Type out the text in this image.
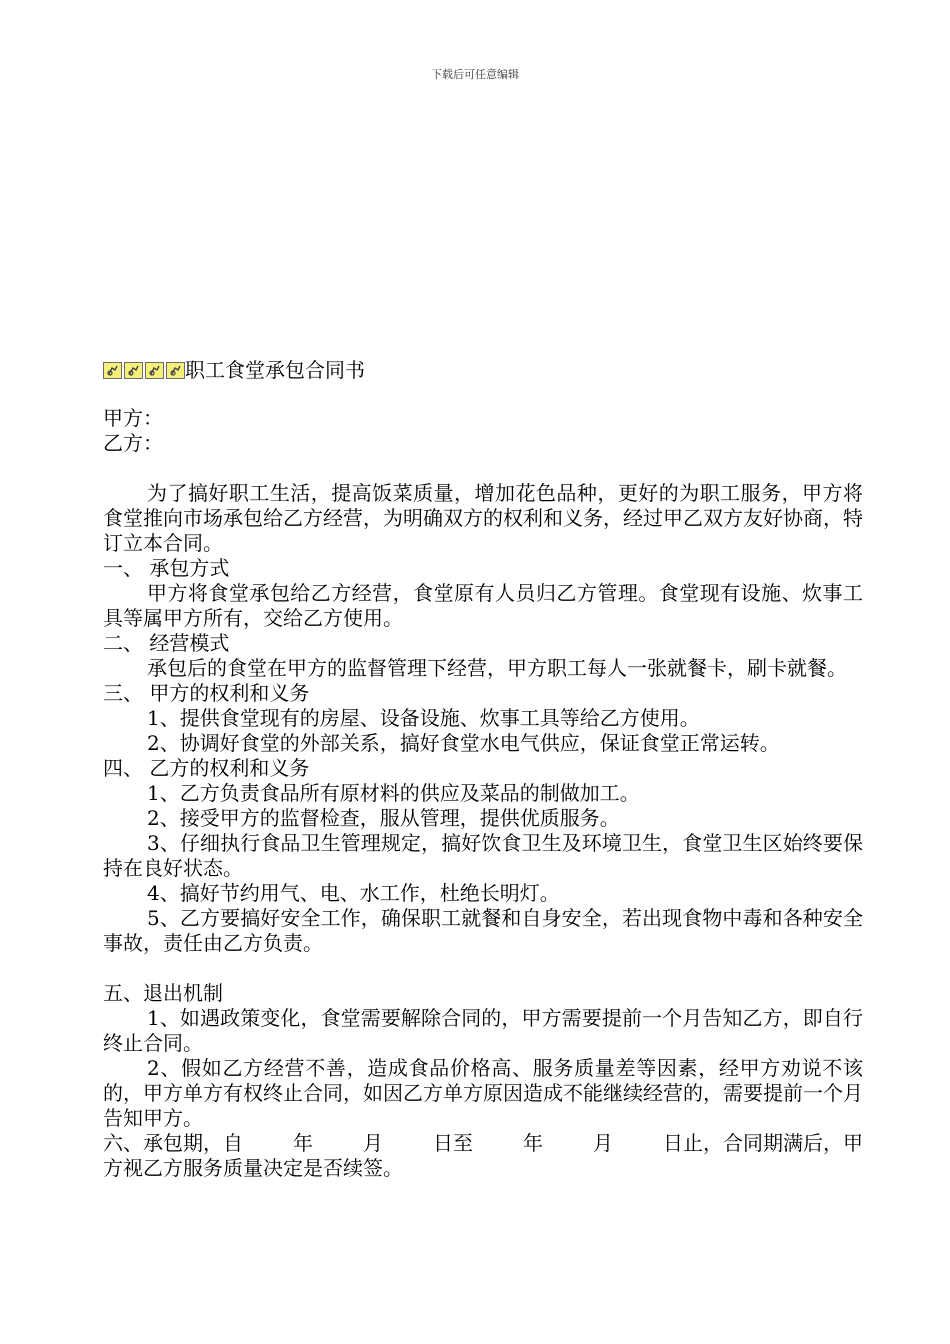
下载后可任意编辑
职工食堂承包合同书
甲方：
乙方：
为了搞好职工生活，提高饭菜质量，增加花色品种，更好的为职工服务，甲方将食堂推向市场承包给乙方经营，为明确双方的权利和义务，经过甲乙双方友好协商，特订立本合同。
一、 承包方式
甲方将食堂承包给乙方经营，食堂原有人员归乙方管理。食堂现有设施、炊事工具等属甲方所有，交给乙方使用。
二、 经营模式
承包后的食堂在甲方的监督管理下经营，甲方职工每人一张就餐卡，刷卡就餐。
三、 甲方的权利和义务
1、提供食堂现有的房屋、设备设施、炊事工具等给乙方使用。
2、协调好食堂的外部关系，搞好食堂水电气供应，保证食堂正常运转。
四、 乙方的权利和义务
1、乙方负责食品所有原材料的供应及菜品的制做加工。
2、接受甲方的监督检查，服从管理，提供优质服务。
3、仔细执行食品卫生管理规定，搞好饮食卫生及环境卫生，食堂卫生区始终要保持在良好状态。
4、搞好节约用气、电、水工作，杜绝长明灯。
5、乙方要搞好安全工作，确保职工就餐和自身安全，若出现食物中毒和各种安全事故，责任由乙方负责。
五、退出机制
1、如遇政策变化，食堂需要解除合同的，甲方需要提前一个月告知乙方，即自行终止合同。
2、假如乙方经营不善，造成食品价格高、服务质量差等因素，经甲方劝说不该的，甲方单方有权终止合同，如因乙方单方原因造成不能继续经营的，需要提前一个月告知甲方。
六、承包期，自	年	月	日至	年	月	日止，合同期满后，甲
方视乙方服务质量决定是否续签。
